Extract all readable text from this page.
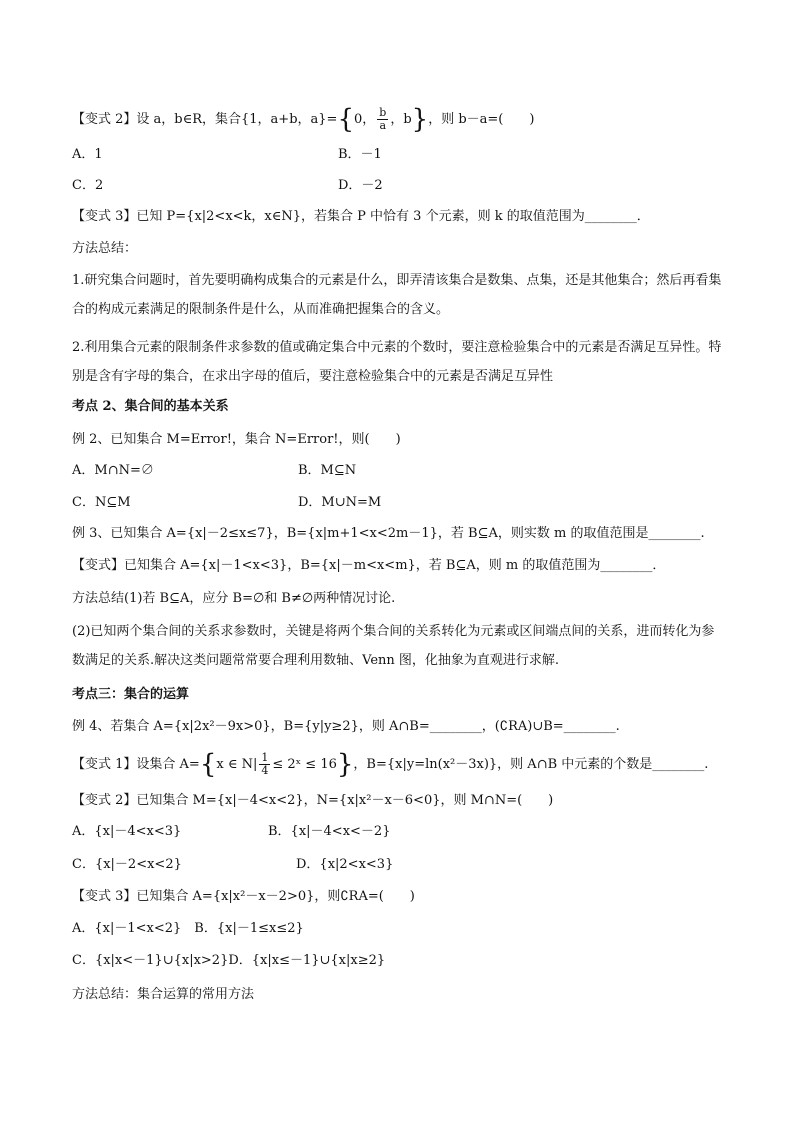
【变式 2】设 a，b∈R，集合{1，a+b，a}={0， $\frac{b}{a}$ ，b}，则 b－a=(　　)
A．1	B．－1
C．2	D．－2
【变式 3】已知 P={x|2<x<k，x∈N}，若集合 P 中恰有 3 个元素，则 k 的取值范围为________．
方法总结：
1.研究集合问题时，首先要明确构成集合的元素是什么，即弄清该集合是数集、点集，还是其他集合；然后再看集合的构成元素满足的限制条件是什么，从而准确把握集合的含义。
2.利用集合元素的限制条件求参数的值或确定集合中元素的个数时，要注意检验集合中的元素是否满足互异性。特别是含有字母的集合，在求出字母的值后，要注意检验集合中的元素是否满足互异性
考点 2、集合间的基本关系
例 2、已知集合 M=Error!，集合 N=Error!，则(　　)
A．M∩N=∅	B．M⊆N
C．N⊆M	D．M∪N=M
例 3、已知集合 A={x|－2≤x≤7}，B={x|m+1<x<2m－1}，若 B⊆A，则实数 m 的取值范围是________.
【变式】已知集合 A={x|－1<x<3}，B={x|－m<x<m}，若 B⊆A，则 m 的取值范围为________．
方法总结(1)若 B⊆A，应分 B=∅和 B≠∅两种情况讨论.
(2)已知两个集合间的关系求参数时，关键是将两个集合间的关系转化为元素或区间端点间的关系，进而转化为参数满足的关系.解决这类问题常常要合理利用数轴、Venn 图，化抽象为直观进行求解.
考点三：集合的运算
例 4、若集合 A={x|2x²－9x>0}，B={y|y≥2}，则 A∩B=________，(∁RA)∪B=________.
【变式 1】设集合 A={x ∈ $N| \frac{1}{4}$ ≤ 2ˣ ≤ 16}，B={x|y=ln(x²－3x)}，则 A∩B 中元素的个数是________.
【变式 2】已知集合 M={x|－4<x<2}，N={x|x²－x－6<0}，则 M∩N=(　　)
A．{x|－4<x<3}	B．{x|－4<x<－2}
C．{x|－2<x<2}	D．{x|2<x<3}
【变式 3】已知集合 A={x|x²－x－2>0}，则∁RA=(　　)
A．{x|－1<x<2}　B．{x|－1≤x≤2}
C．{x|x<－1}∪{x|x>2}D．{x|x≤－1}∪{x|x≥2}
方法总结：集合运算的常用方法
